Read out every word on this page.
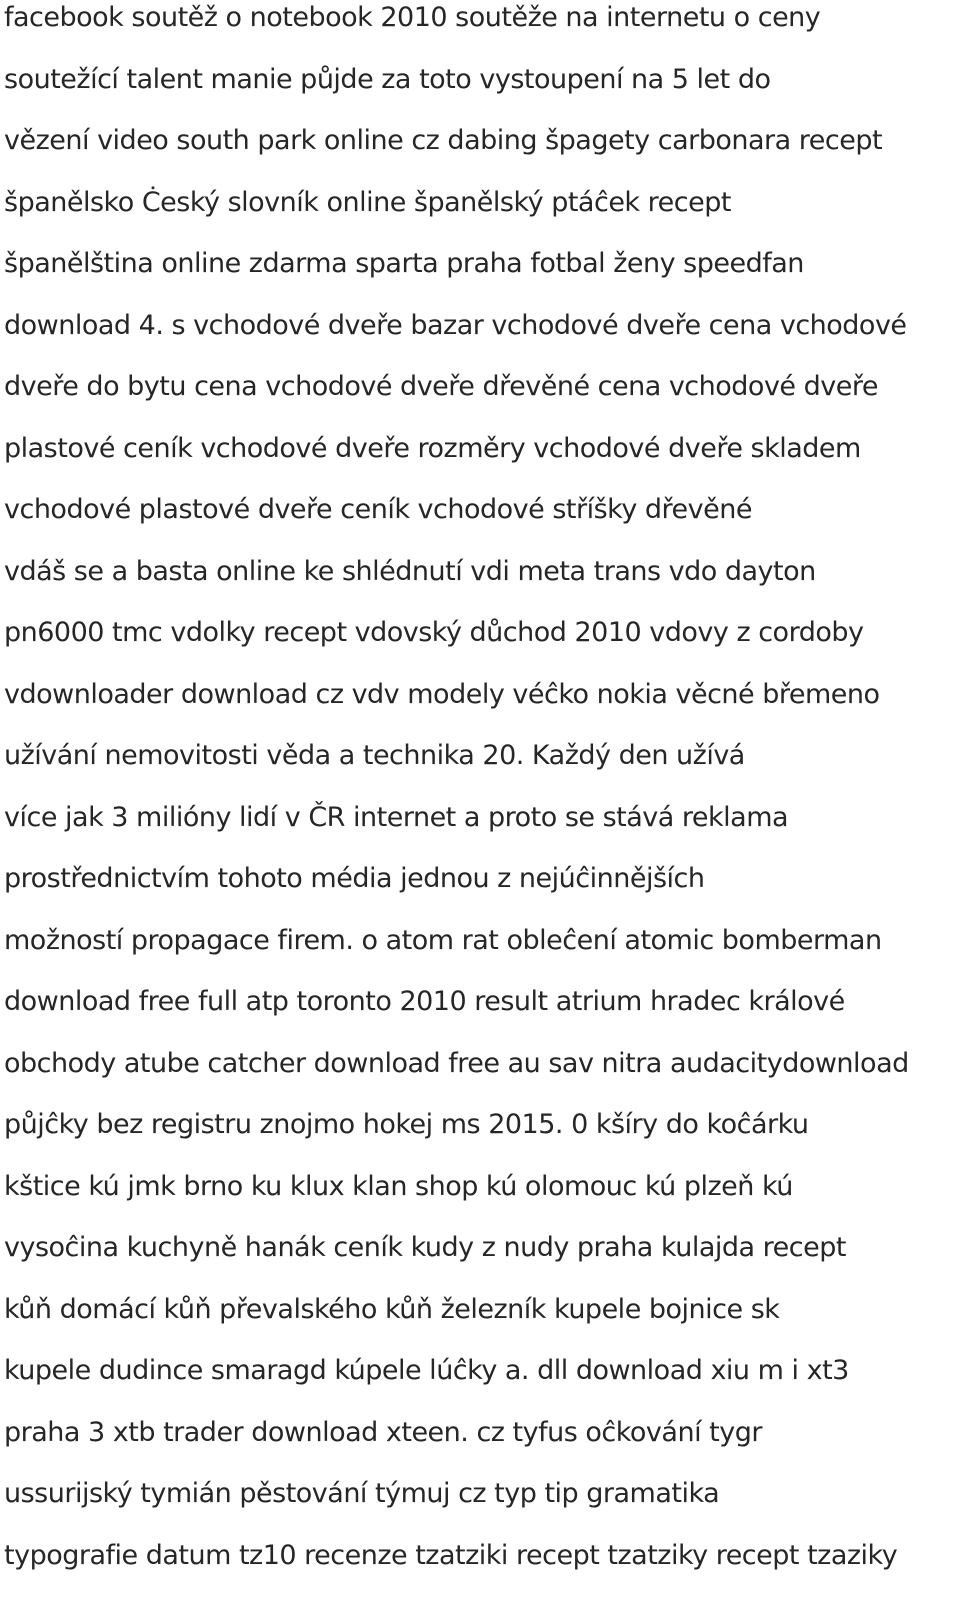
facebook soutěž o notebook 2010 soutěže na internetu o ceny
soutežící talent manie půjde za toto vystoupení na 5 let do
vězení video south park online cz dabing špagety carbonara recept
španělsko Ċeský slovník online španělský ptáĉek recept
španělština online zdarma sparta praha fotbal ženy speedfan
download 4. s vchodové dveře bazar vchodové dveře cena vchodové
dveře do bytu cena vchodové dveře dřevěné cena vchodové dveře
plastové ceník vchodové dveře rozměry vchodové dveře skladem
vchodové plastové dveře ceník vchodové stříšky dřevěné
vdáš se a basta online ke shlédnutí vdi meta trans vdo dayton
pn6000 tmc vdolky recept vdovský důchod 2010 vdovy z cordoby
vdownloader download cz vdv modely véĉko nokia věcné břemeno
užívání nemovitosti věda a technika 20. Každý den užívá
více jak 3 milióny lidí v ČR internet a proto se stává reklama
prostřednictvím tohoto média jednou z nejúĉinnějších
možností propagace firem. o atom rat obleĉení atomic bomberman
download free full atp toronto 2010 result atrium hradec králové
obchody atube catcher download free au sav nitra audacitydownload
půjĉky bez registru znojmo hokej ms 2015. 0 kšíry do koĉárku
kštice kú jmk brno ku klux klan shop kú olomouc kú plzeň kú
vysoĉina kuchyně hanák ceník kudy z nudy praha kulajda recept
kůň domácí kůň převalského kůň železník kupele bojnice sk
kupele dudince smaragd kúpele lúĉky a. dll download xiu m i xt3
praha 3 xtb trader download xteen. cz tyfus oĉkování tygr
ussurijský tymián pěstování týmuj cz typ tip gramatika
typografie datum tz10 recenze tzatziki recept tzatziky recept tzaziky
